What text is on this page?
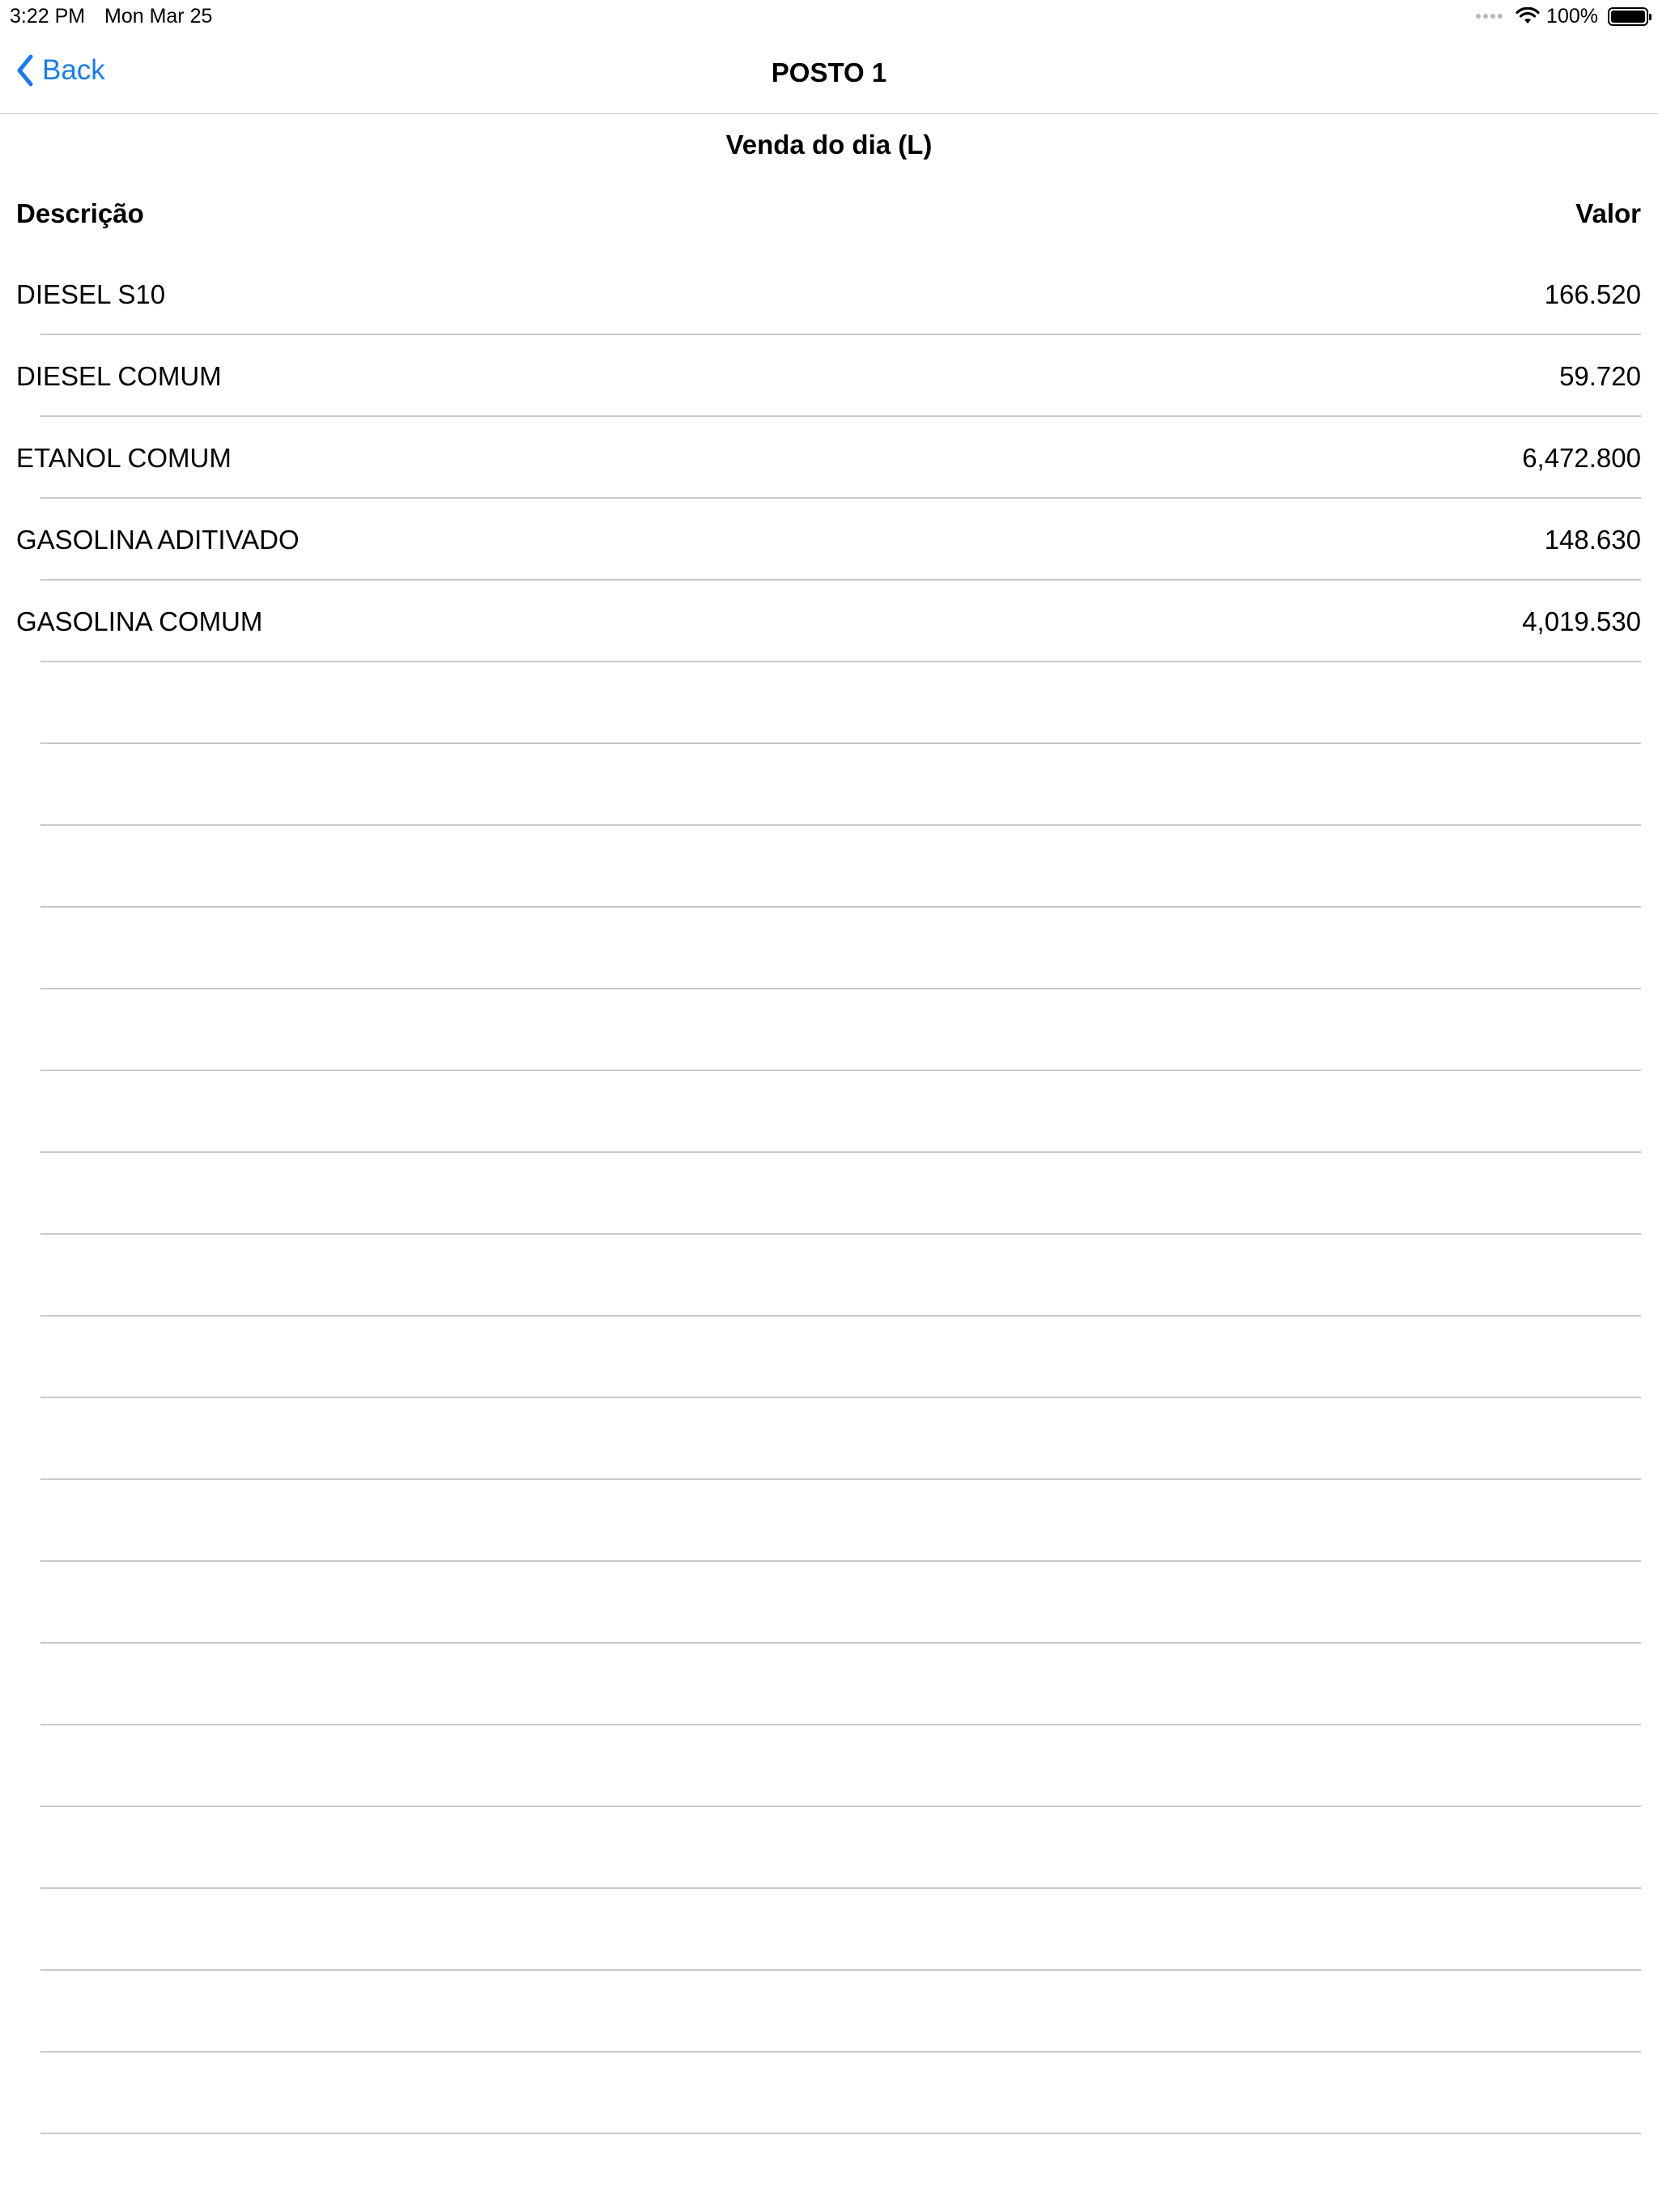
3:22 PM Mon Mar 25	100%
Back	POSTO 1
Venda do dia (L)
Descrição	Valor
DIESEL S10	166.520
DIESEL COMUM	59.720
ETANOL COMUM	6,472.800
GASOLINA ADITIVADO	148.630
GASOLINA COMUM	4,019.530
